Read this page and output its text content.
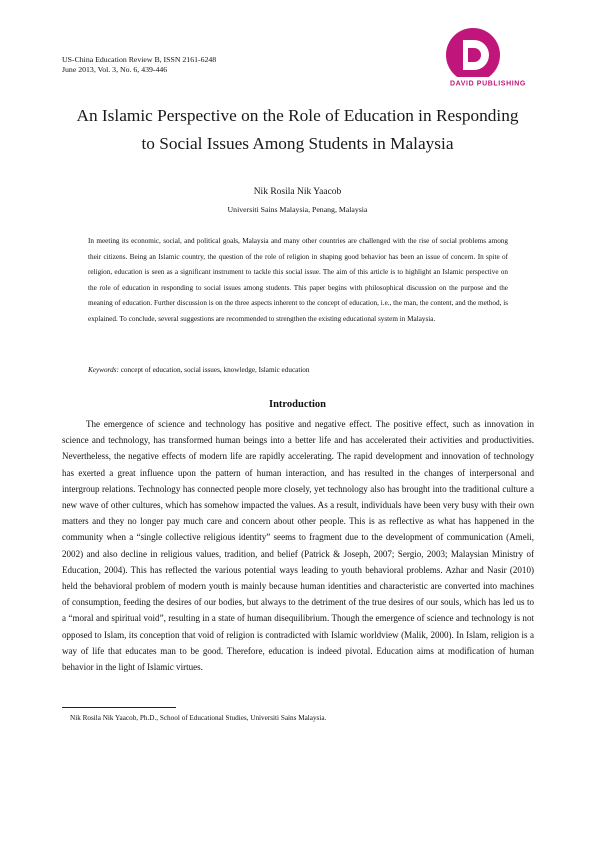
US-China Education Review B, ISSN 2161-6248
June 2013, Vol. 3, No. 6, 439-446
DAVID PUBLISHING
An Islamic Perspective on the Role of Education in Responding
to Social Issues Among Students in Malaysia
Nik Rosila Nik Yaacob
Universiti Sains Malaysia, Penang, Malaysia
In meeting its economic, social, and political goals, Malaysia and many other countries are challenged with the rise of social problems among their citizens. Being an Islamic country, the question of the role of religion in shaping good behavior has been an issue of concern. In spite of religion, education is seen as a significant instrument to tackle this social issue. The aim of this article is to highlight an Islamic perspective on the role of education in responding to social issues among students. This paper begins with philosophical discussion on the purpose and the meaning of education. Further discussion is on the three aspects inherent to the concept of education, i.e., the man, the content, and the method, is explained. To conclude, several suggestions are recommended to strengthen the existing educational system in Malaysia.
Keywords: concept of education, social issues, knowledge, Islamic education
Introduction
The emergence of science and technology has positive and negative effect. The positive effect, such as innovation in science and technology, has transformed human beings into a better life and has accelerated their activities and productivities. Nevertheless, the negative effects of modern life are rapidly accelerating. The rapid development and innovation of technology has exerted a great influence upon the pattern of human interaction, and has resulted in the changes of interpersonal and intergroup relations. Technology has connected people more closely, yet technology also has brought into the traditional culture a new wave of other cultures, which has somehow impacted the values. As a result, individuals have been very busy with their own matters and they no longer pay much care and concern about other people. This is as reflective as what has happened in the community when a “single collective religious identity” seems to fragment due to the development of communication (Ameli, 2002) and also decline in religious values, tradition, and belief (Patrick & Joseph, 2007; Sergio, 2003; Malaysian Ministry of Education, 2004). This has reflected the various potential ways leading to youth behavioral problems. Azhar and Nasir (2010) held the behavioral problem of modern youth is mainly because human identities and characteristic are converted into machines of consumption, feeding the desires of our bodies, but always to the detriment of the true desires of our souls, which has led us to a “moral and spiritual void”, resulting in a state of human disequilibrium. Though the emergence of science and technology is not opposed to Islam, its conception that void of religion is contradicted with Islamic worldview (Malik, 2000). In Islam, religion is a way of life that educates man to be good. Therefore, education is indeed pivotal. Education aims at modification of human behavior in the light of Islamic virtues.
Nik Rosila Nik Yaacob, Ph.D., School of Educational Studies, Universiti Sains Malaysia.
